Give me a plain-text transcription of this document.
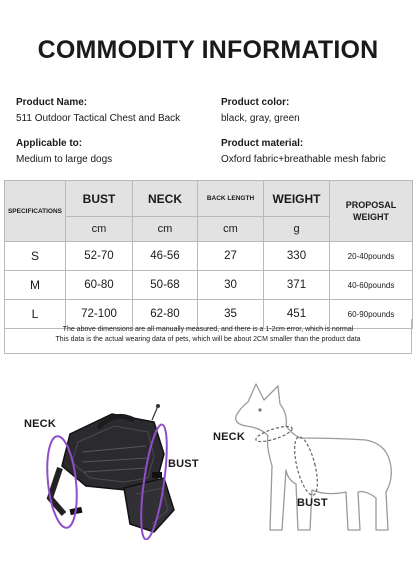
COMMODITY INFORMATION
Product Name:
511 Outdoor Tactical Chest and Back
Product color:
black, gray, green
Applicable to:
Medium to large dogs
Product material:
Oxford fabric+breathable mesh fabric
SPECIFICATIONS	BUST	NECK	BACK LENGTH	WEIGHT	PROPOSAL WEIGHT
	cm	cm	cm	g	
S	52-70	46-56	27	330	20-40pounds
M	60-80	50-68	30	371	40-60pounds
L	72-100	62-80	35	451	60-90pounds
The above dimensions are all manually measured, and there is a 1-2cm error, which is normal
This data is the actual wearing data of pets, which will be about 2CM smaller than the product data
NECK
BUST
NECK
BUST
